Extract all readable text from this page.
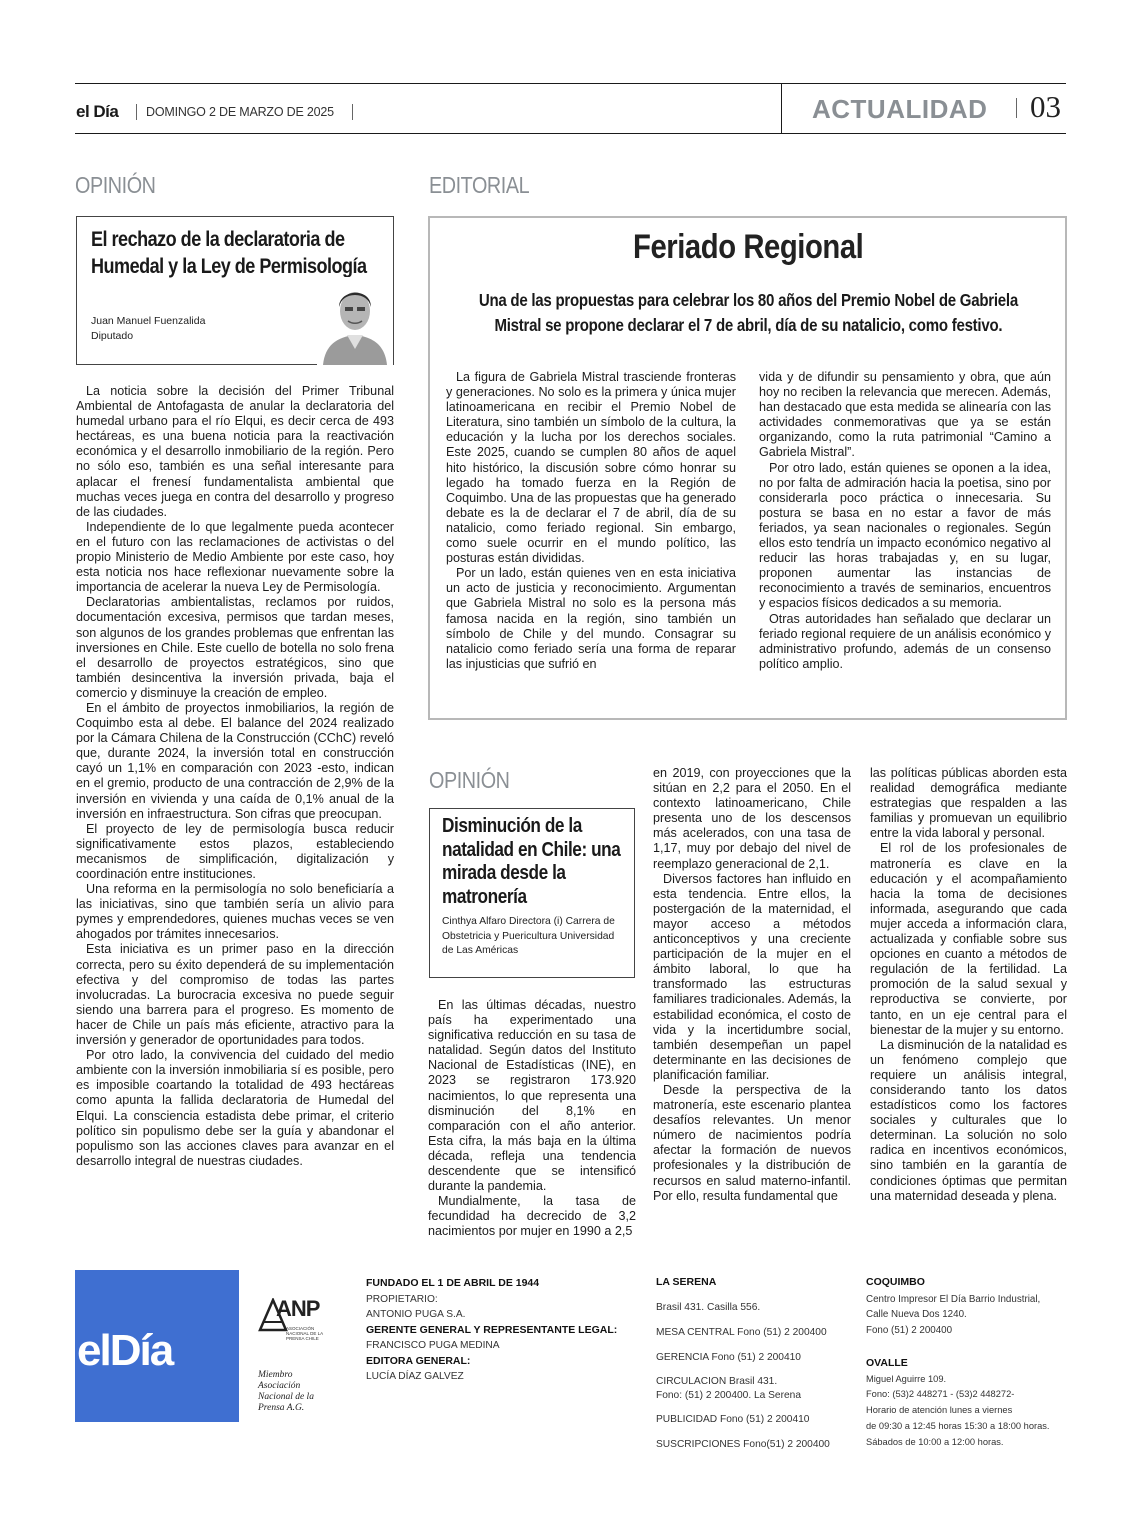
el Día DOMINGO 2 DE MARZO DE 2025	ACTUALIDAD 03
OPINIÓN
El rechazo de la declaratoria de Humedal y la Ley de Permisología
Juan Manuel Fuenzalida
Diputado

La noticia sobre la decisión del Primer Tribunal Ambiental de Antofagasta de anular la declaratoria del humedal urbano para el río Elqui, es decir cerca de 493 hectáreas, es una buena noticia para la reactivación económica y el desarrollo inmobiliario de la región. Pero no sólo eso, también es una señal interesante para aplacar el frenesí fundamentalista ambiental que muchas veces juega en contra del desarrollo y progreso de las ciudades.

Independiente de lo que legalmente pueda acontecer en el futuro con las reclamaciones de activistas o del propio Ministerio de Medio Ambiente por este caso, hoy esta noticia nos hace reflexionar nuevamente sobre la importancia de acelerar la nueva Ley de Permisología.

Declaratorias ambientalistas, reclamos por ruidos, documentación excesiva, permisos que tardan meses, son algunos de los grandes problemas que enfrentan las inversiones en Chile. Este cuello de botella no solo frena el desarrollo de proyectos estratégicos, sino que también desincentiva la inversión privada, baja el comercio y disminuye la creación de empleo.

En el ámbito de proyectos inmobiliarios, la región de Coquimbo esta al debe. El balance del 2024 realizado por la Cámara Chilena de la Construcción (CChC) reveló que, durante 2024, la inversión total en construcción cayó un 1,1% en comparación con 2023 -esto, indican en el gremio, producto de una contracción de 2,9% de la inversión en vivienda y una caída de 0,1% anual de la inversión en infraestructura. Son cifras que preocupan.

El proyecto de ley de permisología busca reducir significativamente estos plazos, estableciendo mecanismos de simplificación, digitalización y coordinación entre instituciones.

Una reforma en la permisología no solo beneficiaría a las iniciativas, sino que también sería un alivio para pymes y emprendedores, quienes muchas veces se ven ahogados por trámites innecesarios.

Esta iniciativa es un primer paso en la dirección correcta, pero su éxito dependerá de su implementación efectiva y del compromiso de todas las partes involucradas. La burocracia excesiva no puede seguir siendo una barrera para el progreso. Es momento de hacer de Chile un país más eficiente, atractivo para la inversión y generador de oportunidades para todos.

Por otro lado, la convivencia del cuidado del medio ambiente con la inversión inmobiliaria sí es posible, pero es imposible coartando la totalidad de 493 hectáreas como apunta la fallida declaratoria de Humedal del Elqui. La consciencia estadista debe primar, el criterio político sin populismo debe ser la guía y abandonar el populismo son las acciones claves para avanzar en el desarrollo integral de nuestras ciudades.

EDITORIAL
Feriado Regional
Una de las propuestas para celebrar los 80 años del Premio Nobel de Gabriela Mistral se propone declarar el 7 de abril, día de su natalicio, como festivo.

La figura de Gabriela Mistral trasciende fronteras y generaciones. No solo es la primera y única mujer latinoamericana en recibir el Premio Nobel de Literatura, sino también un símbolo de la cultura, la educación y la lucha por los derechos sociales. Este 2025, cuando se cumplen 80 años de aquel hito histórico, la discusión sobre cómo honrar su legado ha tomado fuerza en la Región de Coquimbo. Una de las propuestas que ha generado debate es la de declarar el 7 de abril, día de su natalicio, como feriado regional. Sin embargo, como suele ocurrir en el mundo político, las posturas están divididas.

Por un lado, están quienes ven en esta iniciativa un acto de justicia y reconocimiento. Argumentan que Gabriela Mistral no solo es la persona más famosa nacida en la región, sino también un símbolo de Chile y del mundo. Consagrar su natalicio como feriado sería una forma de reparar las injusticias que sufrió en

vida y de difundir su pensamiento y obra, que aún hoy no reciben la relevancia que merecen. Además, han destacado que esta medida se alinearía con las actividades conmemorativas que ya se están organizando, como la ruta patrimonial “Camino a Gabriela Mistral”.

Por otro lado, están quienes se oponen a la idea, no por falta de admiración hacia la poetisa, sino por considerarla poco práctica o innecesaria. Su postura se basa en no estar a favor de más feriados, ya sean nacionales o regionales. Según ellos esto tendría un impacto económico negativo al reducir las horas trabajadas y, en su lugar, proponen aumentar las instancias de reconocimiento a través de seminarios, encuentros y espacios físicos dedicados a su memoria.

Otras autoridades han señalado que declarar un feriado regional requiere de un análisis económico y administrativo profundo, además de un consenso político amplio.

OPINIÓN
Disminución de la natalidad en Chile: una mirada desde la matronería
Cinthya Alfaro Directora (i) Carrera de Obstetricia y Puericultura Universidad de Las Américas

En las últimas décadas, nuestro país ha experimentado una significativa reducción en su tasa de natalidad. Según datos del Instituto Nacional de Estadísticas (INE), en 2023 se registraron 173.920 nacimientos, lo que representa una disminución del 8,1% en comparación con el año anterior. Esta cifra, la más baja en la última década, refleja una tendencia descendente que se intensificó durante la pandemia.

Mundialmente, la tasa de fecundidad ha decrecido de 3,2 nacimientos por mujer en 1990 a 2,5

en 2019, con proyecciones que la sitúan en 2,2 para el 2050. En el contexto latinoamericano, Chile presenta uno de los descensos más acelerados, con una tasa de 1,17, muy por debajo del nivel de reemplazo generacional de 2,1.

Diversos factores han influido en esta tendencia. Entre ellos, la postergación de la maternidad, el mayor acceso a métodos anticonceptivos y una creciente participación de la mujer en el ámbito laboral, lo que ha transformado las estructuras familiares tradicionales. Además, la estabilidad económica, el costo de vida y la incertidumbre social, también desempeñan un papel determinante en las decisiones de planificación familiar.

Desde la perspectiva de la matronería, este escenario plantea desafíos relevantes. Un menor número de nacimientos podría afectar la formación de nuevos profesionales y la distribución de recursos en salud materno-infantil. Por ello, resulta fundamental que

las políticas públicas aborden esta realidad demográfica mediante estrategias que respalden a las familias y promuevan un equilibrio entre la vida laboral y personal.

El rol de los profesionales de matronería es clave en la educación y el acompañamiento hacia la toma de decisiones informada, asegurando que cada mujer acceda a información clara, actualizada y confiable sobre sus opciones en cuanto a métodos de regulación de la fertilidad. La promoción de la salud sexual y reproductiva se convierte, por tanto, en un eje central para el bienestar de la mujer y su entorno.

La disminución de la natalidad es un fenómeno complejo que requiere un análisis integral, considerando tanto los datos estadísticos como los factores sociales y culturales que lo determinan. La solución no solo radica en incentivos económicos, sino también en la garantía de condiciones óptimas que permitan una maternidad deseada y plena.

elDía
ANP
ASOCIACIÓN NACIONAL DE LA PRENSA CHILE
Miembro Asociación Nacional de la Prensa A.G.
FUNDADO EL 1 DE ABRIL DE 1944
PROPIETARIO:
ANTONIO PUGA S.A.
GERENTE GENERAL Y REPRESENTANTE LEGAL:
FRANCISCO PUGA MEDINA
EDITORA GENERAL:
LUCÍA DÍAZ GALVEZ
LA SERENA
Brasil 431. Casilla 556.
MESA CENTRAL Fono (51) 2 200400
GERENCIA Fono (51) 2 200410
CIRCULACION Brasil 431.
Fono: (51) 2 200400. La Serena
PUBLICIDAD Fono (51) 2 200410
SUSCRIPCIONES Fono(51) 2 200400
COQUIMBO
Centro Impresor El Día Barrio Industrial,
Calle Nueva Dos 1240.
Fono (51) 2 200400
OVALLE
Miguel Aguirre 109.
Fono: (53)2 448271 - (53)2 448272-
Horario de atención lunes a viernes
de 09:30 a 12:45 horas 15:30 a 18:00 horas.
Sábados de 10:00 a 12:00 horas.
